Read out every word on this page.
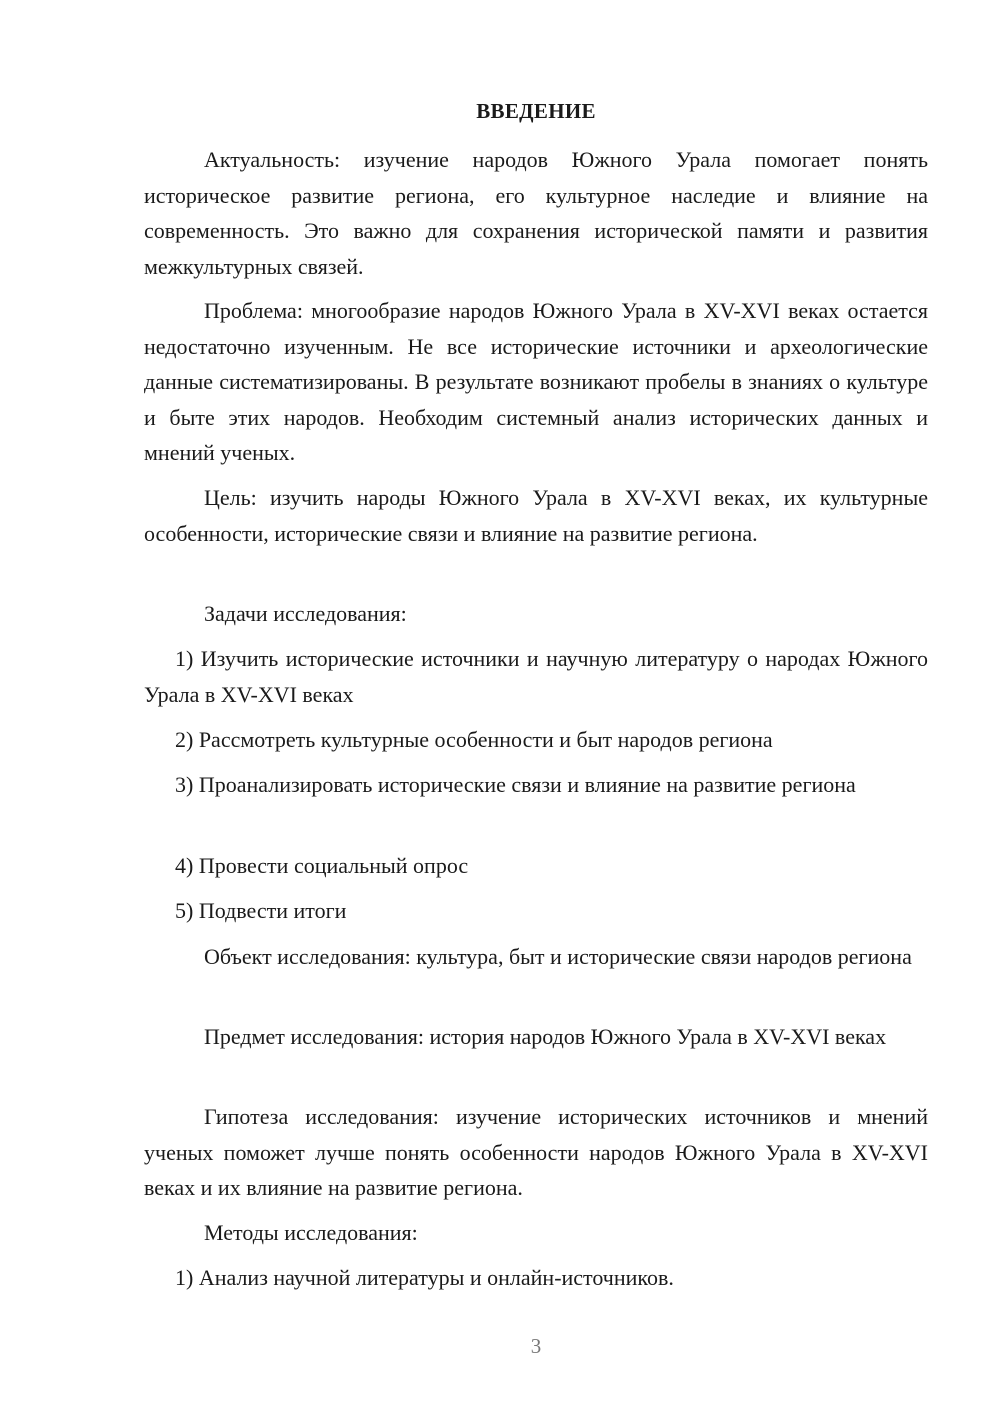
ВВЕДЕНИЕ

Актуальность: изучение народов Южного Урала помогает понять историческое развитие региона, его культурное наследие и влияние на современность. Это важно для сохранения исторической памяти и развития межкультурных связей.

Проблема: многообразие народов Южного Урала в XV-XVI веках остается недостаточно изученным. Не все исторические источники и археологические данные систематизированы. В результате возникают пробелы в знаниях о культуре и быте этих народов. Необходим системный анализ исторических данных и мнений ученых.

Цель: изучить народы Южного Урала в XV-XVI веках, их культурные особенности, исторические связи и влияние на развитие региона.

Задачи исследования:

1) Изучить исторические источники и научную литературу о народах Южного Урала в XV-XVI веках

2) Рассмотреть культурные особенности и быт народов региона

3) Проанализировать исторические связи и влияние на развитие региона

4) Провести социальный опрос

5) Подвести итоги

Объект исследования: культура, быт и исторические связи народов региона

Предмет исследования: история народов Южного Урала в XV-XVI веках

Гипотеза исследования: изучение исторических источников и мнений ученых поможет лучше понять особенности народов Южного Урала в XV-XVI веках и их влияние на развитие региона.

Методы исследования:

1) Анализ научной литературы и онлайн-источников.

3
